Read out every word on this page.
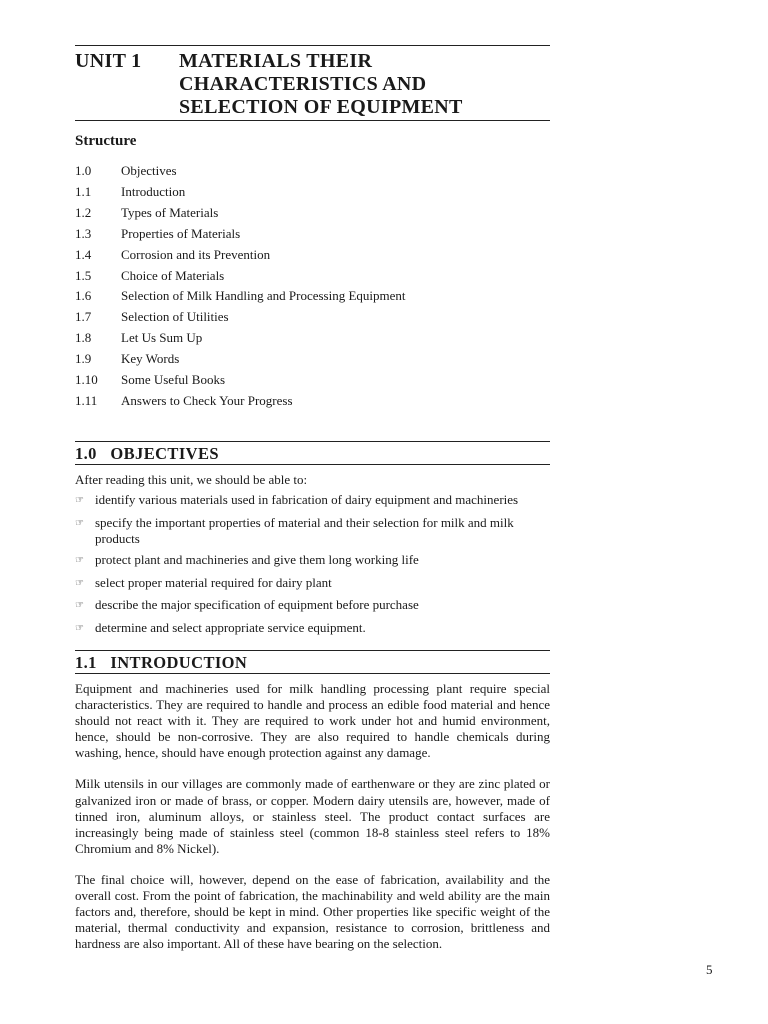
UNIT 1	MATERIALS THEIR
CHARACTERISTICS AND
SELECTION OF EQUIPMENT
Structure
1.0	Objectives
1.1	Introduction
1.2	Types of Materials
1.3	Properties of Materials
1.4	Corrosion and its Prevention
1.5	Choice of Materials
1.6	Selection of Milk Handling and Processing Equipment
1.7	Selection of Utilities
1.8	Let Us Sum Up
1.9	Key Words
1.10	Some Useful Books
1.11	Answers to Check Your Progress
1.0   OBJECTIVES

After reading this unit, we should be able to:

☞ identify various materials used in fabrication of dairy equipment and machineries
☞ specify the important properties of material and their selection for milk and milk products
☞ protect plant and machineries and give them long working life
☞ select proper material required for dairy plant
☞ describe the major specification of equipment before purchase
☞ determine and select appropriate service equipment.
1.1   INTRODUCTION

Equipment and machineries used for milk handling processing plant require special characteristics. They are required to handle and process an edible food material and hence should not react with it. They are required to work under hot and humid environment, hence, should be non-corrosive. They are also required to handle chemicals during washing, hence, should have enough protection against any damage.

Milk utensils in our villages are commonly made of earthenware or they are zinc plated or galvanized iron or made of brass, or copper. Modern dairy utensils are, however, made of tinned iron, aluminum alloys, or stainless steel. The product contact surfaces are increasingly being made of stainless steel (common 18-8 stainless steel refers to 18% Chromium and 8% Nickel).

The final choice will, however, depend on the ease of fabrication, availability and the overall cost. From the point of fabrication, the machinability and weld ability are the main factors and, therefore, should be kept in mind. Other properties like specific weight of the material, thermal conductivity and expansion, resistance to corrosion, brittleness and hardness are also important. All of these have bearing on the selection.

5
